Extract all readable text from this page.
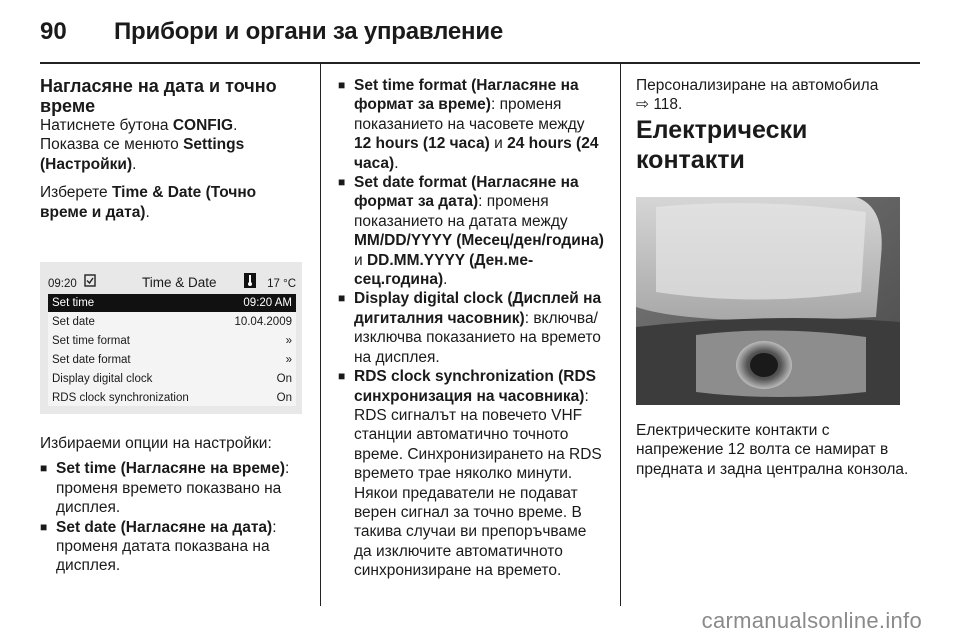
90	Прибори и органи за управление

Нагласяне на дата и точно време

Натиснете бутона CONFIG.

Показва се менюто Settings (Настройки).

Изберете Time & Date (Точно време и дата).

09:20	Time & Date	17 °C
Set time	09:20 AM
Set date	10.04.2009
Set time format	»
Set date format	»
Display digital clock	On
RDS clock synchronization	On

Избираеми опции на настройки:

■ Set time (Нагласяне на време): променя времето показвано на дисплея.

■ Set date (Нагласяне на дата): променя датата показвана на дисплея.

■ Set time format (Нагласяне на формат за време): променя показанието на часовете между 12 hours (12 часа) и 24 hours (24 часа).

■ Set date format (Нагласяне на формат за дата): променя показанието на датата между MM/DD/YYYY (Месец/ден/година) и DD.MM.YYYY (Ден.ме-сец.година).

■ Display digital clock (Дисплей на дигиталния часовник): включва/изключва показанието на времето на дисплея.

■ RDS clock synchronization (RDS синхронизация на часовника): RDS сигналът на повечето VHF станции автоматично точното време. Синхронизирането на RDS времето трае няколко минути. Някои предаватели не подават верен сигнал за точно време. В такива случаи ви препоръчваме да изключите автоматичното синхронизиране на времето.

Персонализиране на автомобила
⇨ 118.

Електрически контакти

Електрическите контакти с напрежение 12 волта се намират в предната и задна централна конзола.

carmanualsonline.info
